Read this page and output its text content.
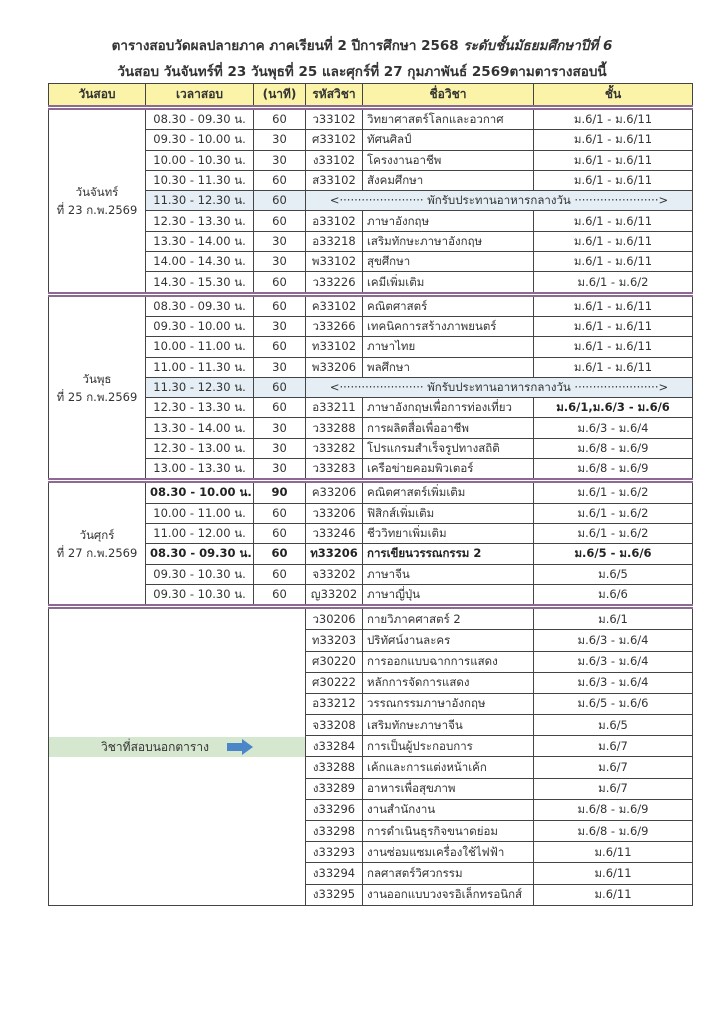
ตารางสอบวัดผลปลายภาค ภาคเรียนที่ 2 ปีการศึกษา 2568 ระดับชั้นมัธยมศึกษาปีที่ 6
วันสอบ วันจันทร์ที่ 23 วันพุธที่ 25 และศุกร์ที่ 27 กุมภาพันธ์ 2569ตามตารางสอบนี้
วันสอบ	เวลาสอบ	(นาที)	รหัสวิชา	ชื่อวิชา	ชั้น
วันจันทร์
ที่ 23 ก.พ.2569	08.30 - 09.30 น.	60	ว33102	วิทยาศาสตร์โลกและอวกาศ	ม.6/1 - ม.6/11
	09.30 - 10.00 น.	30	ศ33102	ทัศนศิลป์	ม.6/1 - ม.6/11
	10.00 - 10.30 น.	30	ง33102	โครงงานอาชีพ	ม.6/1 - ม.6/11
	10.30 - 11.30 น.	60	ส33102	สังคมศึกษา	ม.6/1 - ม.6/11
	11.30 - 12.30 น.	60	<······················· พักรับประทานอาหารกลางวัน ·······················>		
	12.30 - 13.30 น.	60	อ33102	ภาษาอังกฤษ	ม.6/1 - ม.6/11
	13.30 - 14.00 น.	30	อ33218	เสริมทักษะภาษาอังกฤษ	ม.6/1 - ม.6/11
	14.00 - 14.30 น.	30	พ33102	สุขศึกษา	ม.6/1 - ม.6/11
	14.30 - 15.30 น.	60	ว33226	เคมีเพิ่มเติม	ม.6/1 - ม.6/2
วันพุธ
ที่ 25 ก.พ.2569	08.30 - 09.30 น.	60	ค33102	คณิตศาสตร์	ม.6/1 - ม.6/11
	09.30 - 10.00 น.	30	ว33266	เทคนิคการสร้างภาพยนตร์	ม.6/1 - ม.6/11
	10.00 - 11.00 น.	60	ท33102	ภาษาไทย	ม.6/1 - ม.6/11
	11.00 - 11.30 น.	30	พ33206	พลศึกษา	ม.6/1 - ม.6/11
	11.30 - 12.30 น.	60	<······················· พักรับประทานอาหารกลางวัน ·······················>		
	12.30 - 13.30 น.	60	อ33211	ภาษาอังกฤษเพื่อการท่องเที่ยว	ม.6/1,ม.6/3 - ม.6/6
	13.30 - 14.00 น.	30	ว33288	การผลิตสื่อเพื่ออาชีพ	ม.6/3 - ม.6/4
	12.30 - 13.00 น.	30	ว33282	โปรแกรมสำเร็จรูปทางสถิติ	ม.6/8 - ม.6/9
	13.00 - 13.30 น.	30	ว33283	เครือข่ายคอมพิวเตอร์	ม.6/8 - ม.6/9
วันศุกร์
ที่ 27 ก.พ.2569	08.30 - 10.00 น.	90	ค33206	คณิตศาสตร์เพิ่มเติม	ม.6/1 - ม.6/2
	10.00 - 11.00 น.	60	ว33206	ฟิสิกส์เพิ่มเติม	ม.6/1 - ม.6/2
	11.00 - 12.00 น.	60	ว33246	ชีววิทยาเพิ่มเติม	ม.6/1 - ม.6/2
	08.30 - 09.30 น.	60	ท33206	การเขียนวรรณกรรม 2	ม.6/5 - ม.6/6
	09.30 - 10.30 น.	60	จ33202	ภาษาจีน	ม.6/5
	09.30 - 10.30 น.	60	ญ33202	ภาษาญี่ปุ่น	ม.6/6

วิชาที่สอบนอกตาราง			ว30206	กายวิภาคศาสตร์ 2	ม.6/1
			ท33203	ปริทัศน์งานละคร	ม.6/3 - ม.6/4
			ศ30220	การออกแบบฉากการแสดง	ม.6/3 - ม.6/4
			ศ30222	หลักการจัดการแสดง	ม.6/3 - ม.6/4
			อ33212	วรรณกรรมภาษาอังกฤษ	ม.6/5 - ม.6/6
			จ33208	เสริมทักษะภาษาจีน	ม.6/5
			ง33284	การเป็นผู้ประกอบการ	ม.6/7
			ง33288	เค้กและการแต่งหน้าเค้ก	ม.6/7
			ง33289	อาหารเพื่อสุขภาพ	ม.6/7
			ง33296	งานสำนักงาน	ม.6/8 - ม.6/9
			ง33298	การดำเนินธุรกิจขนาดย่อม	ม.6/8 - ม.6/9
			ง33293	งานซ่อมแซมเครื่องใช้ไฟฟ้า	ม.6/11
			ง33294	กลศาสตร์วิศวกรรม	ม.6/11
			ง33295	งานออกแบบวงจรอิเล็กทรอนิกส์	ม.6/11
